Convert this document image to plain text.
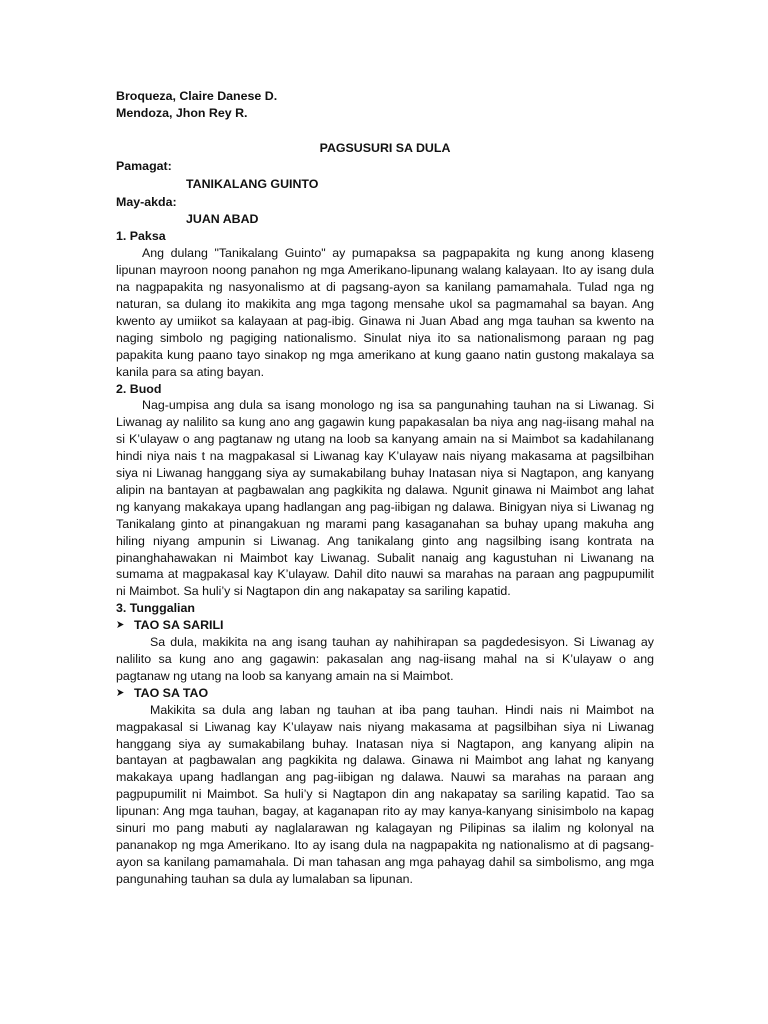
Broqueza, Claire Danese D.
Mendoza, Jhon Rey R.
PAGSUSURI SA DULA
Pamagat:
TANIKALANG GUINTO
May-akda:
JUAN ABAD
1. Paksa
Ang dulang "Tanikalang Guinto" ay pumapaksa sa pagpapakita ng kung anong klaseng lipunan mayroon noong panahon ng mga Amerikano-lipunang walang kalayaan. Ito ay isang dula na nagpapakita ng nasyonalismo at di pagsang-ayon sa kanilang pamamahala. Tulad nga ng naturan, sa dulang ito makikita ang mga tagong mensahe ukol sa pagmamahal sa bayan. Ang kwento ay umiikot sa kalayaan at pag-ibig. Ginawa ni Juan Abad ang mga tauhan sa kwento na naging simbolo ng pagiging nationalismo. Sinulat niya ito sa nationalismong paraan ng pag papakita kung paano tayo sinakop ng mga amerikano at kung gaano natin gustong makalaya sa kanila para sa ating bayan.
2. Buod
Nag-umpisa ang dula sa isang monologo ng isa sa pangunahing tauhan na si Liwanag. Si Liwanag ay nalilito sa kung ano ang gagawin kung papakasalan ba niya ang nag-iisang mahal na si K’ulayaw o ang pagtanaw ng utang na loob sa kanyang amain na si Maimbot sa kadahilanang hindi niya nais t na magpakasal si Liwanag kay K’ulayaw nais niyang makasama at pagsilbihan siya ni Liwanag hanggang siya ay sumakabilang buhay Inatasan niya si Nagtapon, ang kanyang alipin na bantayan at pagbawalan ang pagkikita ng dalawa. Ngunit ginawa ni Maimbot ang lahat ng kanyang makakaya upang hadlangan ang pag-iibigan ng dalawa. Binigyan niya si Liwanag ng Tanikalang ginto at pinangakuan ng marami pang kasaganahan sa buhay upang makuha ang hiling niyang ampunin si Liwanag. Ang tanikalang ginto ang nagsilbing isang kontrata na pinanghahawakan ni Maimbot kay Liwanag. Subalit nanaig ang kagustuhan ni Liwanang na sumama at magpakasal kay K’ulayaw. Dahil dito nauwi sa marahas na paraan ang pagpupumilit ni Maimbot. Sa huli’y si Nagtapon din ang nakapatay sa sariling kapatid.
3. Tunggalian
➤ TAO SA SARILI
Sa dula, makikita na ang isang tauhan ay nahihirapan sa pagdedesisyon. Si Liwanag ay nalilito sa kung ano ang gagawin: pakasalan ang nag-iisang mahal na si K’ulayaw o ang pagtanaw ng utang na loob sa kanyang amain na si Maimbot.
➤ TAO SA TAO
Makikita sa dula ang laban ng tauhan at iba pang tauhan. Hindi nais ni Maimbot na magpakasal si Liwanag kay K’ulayaw nais niyang makasama at pagsilbihan siya ni Liwanag hanggang siya ay sumakabilang buhay. Inatasan niya si Nagtapon, ang kanyang alipin na bantayan at pagbawalan ang pagkikita ng dalawa. Ginawa ni Maimbot ang lahat ng kanyang makakaya upang hadlangan ang pag-iibigan ng dalawa. Nauwi sa marahas na paraan ang pagpupumilit ni Maimbot. Sa huli’y si Nagtapon din ang nakapatay sa sariling kapatid. Tao sa lipunan: Ang mga tauhan, bagay, at kaganapan rito ay may kanya-kanyang sinisimbolo na kapag sinuri mo pang mabuti ay naglalarawan ng kalagayan ng Pilipinas sa ilalim ng kolonyal na pananakop ng mga Amerikano. Ito ay isang dula na nagpapakita ng nationalismo at di pagsang-ayon sa kanilang pamamahala. Di man tahasan ang mga pahayag dahil sa simbolismo, ang mga pangunahing tauhan sa dula ay lumalaban sa lipunan.
